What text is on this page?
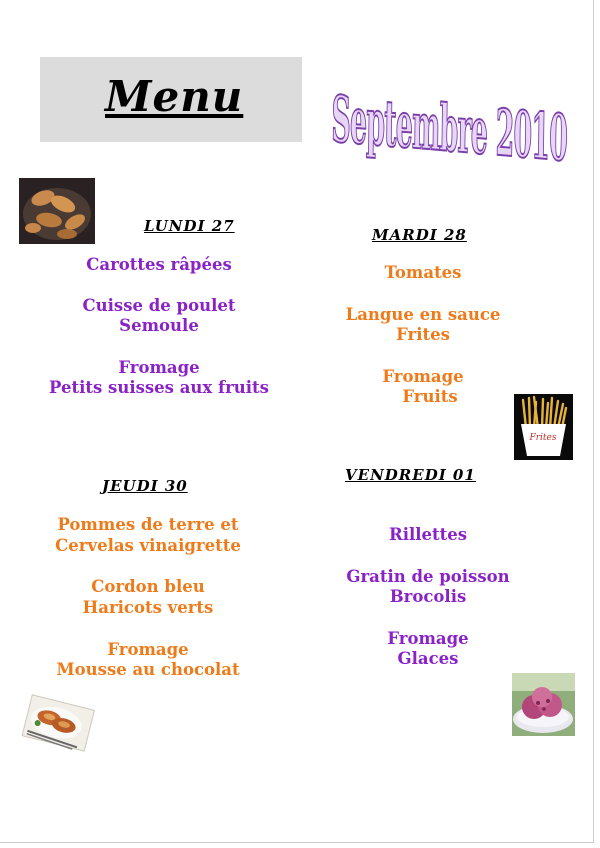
Menu Septembre 2010
LUNDI 27
Carottes râpées
Cuisse de poulet
Semoule
Fromage
Petits suisses aux fruits
MARDI 28
Tomates
Langue en sauce
Frites
Fromage
Fruits
Frites
JEUDI 30
Pommes de terre et
Cervelas vinaigrette
Cordon bleu
Haricots verts
Fromage
Mousse au chocolat
VENDREDI 01
Rillettes
Gratin de poisson
Brocolis
Fromage
Glaces
